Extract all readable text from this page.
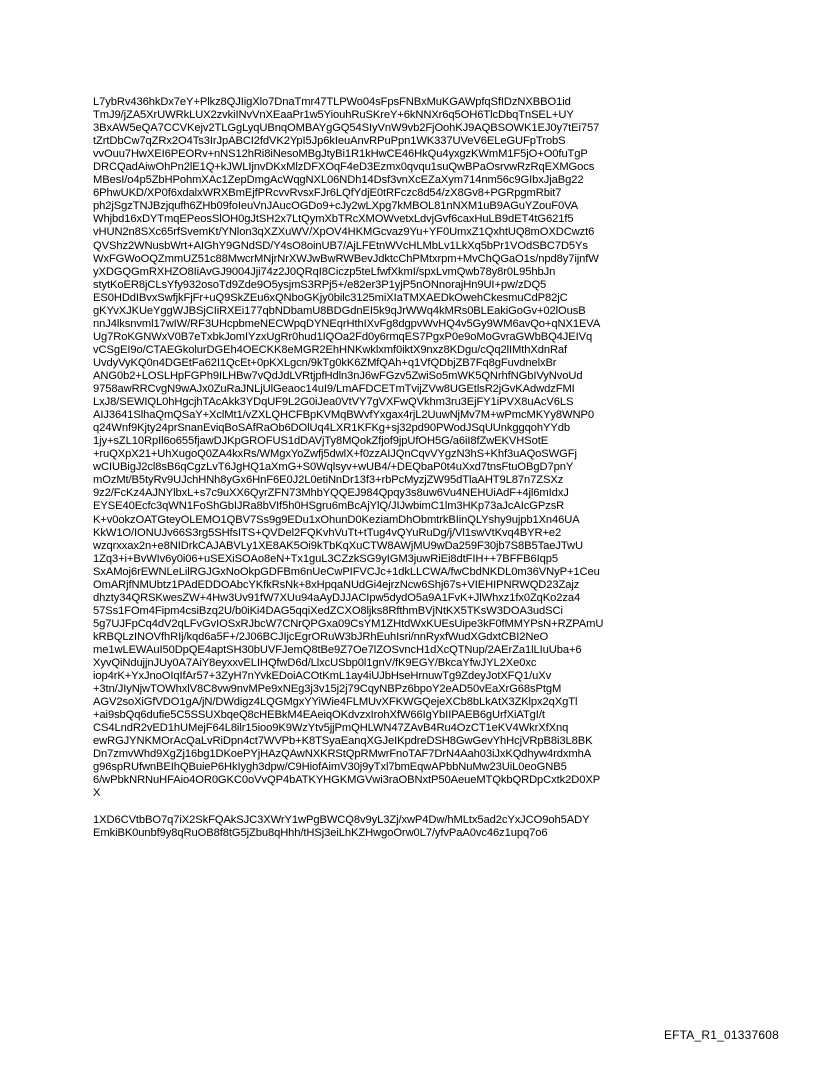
L7ybRv436hkDx7eY+Plkz8QJIigXlo7DnaTmr47TLPWo04sFpsFNBxMuKGAWpfqSfIDzNXBBO1id
TmJ9/jZA5XrUWRkLUX2zvkiINvVnXEaaPr1w5YiouhRuSKreY+6kNNXr6q5OH6TlcDbqTnSEL+UY
3BxAW5eQA7CCVKejv2TLGgLyqUBnqOMBAYgGQ54SIyVnW9vb2FjOohKJ9AQBSOWK1EJ0y7tEi757
tZrtDbCw7qZRx2O4Ts3IrJpABCI2fdVK2YpI5Jp6kIeuAnvRPuPpn1WK337UVeV6ELeGUFpTrobS
vvOuu7HwXEI6PEORv+nNS12hRi8iNesoMBgJtyBi1R1kHwCE46HkQu4yxgzKWmM1F5jO+O0fuTgP
DRCQadAiwOhPn2lE1Q+kJWLIjnvDKxMlzDFXOqF4eD3Ezmx0qvqu1suQwBPaOsrvwRzRqEXMGocs
MBesI/o4p5ZbHPohmXAc1ZepDmgAcWqgNXL06NDh14Dsf3vnXcEZaXym714nm56c9GIbxJjaBg22
6PhwUKD/XP0f6xdalxWRXBmEjfPRcvvRvsxFJr6LQfYdjE0tRFczc8d54/zX8Gv8+PGRpgmRbit7
ph2jSgzTNJBzjqufh6ZHb09foIeuVnJAucOGDo9+cJy2wLXpg7kMBOL81nNXM1uB9AGuYZouF0VA
Whjbd16xDYTmqEPeosSlOH0gJtSH2x7LtQymXbTRcXMOWvetxLdvjGvf6caxHuLB9dET4tG621f5
vHUN2n8SXc65rfSvemKt/YNlon3qXZXuWV/XpOV4HKMGcvaz9Yu+YF0UmxZ1QxhtUQ8mOXDCwzt6
QVShz2WNusbWrt+AIGhY9GNdSD/Y4sO8oinUB7/AjLFEtnWVcHLMbLv1LkXq5bPr1VOdSBC7D5Ys
WxFGWoOQZmmUZ51c88MwcrMNjrNrXWJwBwRWBevJdktcChPMtxrpm+MvChQGaO1s/npd8y7ijnfW
yXDGQGmRXHZO8IiAvGJ9004Jji74z2J0QRqI8Ciczp5teLfwfXkmI/spxLvmQwb78y8r0L95hbJn
stytKoER8jCLsYfy932osoTd9Zde9O5ysjmS3RPj5+/e82er3P1yjP5nONnorajHn9UI+pw/zDQ5
ES0HDdIBvxSwfjkFjFr+uQ9SkZEu6xQNboGKjy0bilc3125miXIaTMXAEDkOwehCkesmuCdP82jC
gKYvXJKUeYggWJBSjCIiRXEi177qbNDbamU8BDGdnEI5k9qJrWWq4kMRs0BLEakiGoGv+02lOusB
nnJ4lksnvml17wIW/RF3UHcpbmeNECWpqDYNEqrHthIXvFg8dgpvWvHQ4v5Gy9WM6avQo+qNX1EVA
Ug7RoKGNWxV0B7eTxbkJomIYzxUgRr0hud1IQOa2Fd0y6rmqES7PgxP0e9oMoGvraGWbBQ4JEIVq
vCSgEI9o/CTAEGkolurDGEh4OECKK8eMGR2EhHNKwklxmf0iktX9nxz8KDgu/cQq2lIMthXdnRaf
UvdyVyKQ0n4DGEtFa62I1QcEt+0pKXLgcn/9kTg0kK6ZMfQAh+q1VfQDbjZB7Fq8gFuvdnelxBr
ANG0b2+LOSLHpFGPh9ILHBw7vQdJdLVRtjpfHdln3nJ6wFGzv5ZwiSo5mWK5QNrhfNGbIVyNvoUd
9758awRRCvgN9wAJx0ZuRaJNLjUlGeaoc14uI9/LmAFDCETmTvijZVw8UGEtlsR2jGvKAdwdzFMI
LxJ8/SEWIQL0hHgcjhTAcAkk3YDqUF9L2G0iJea0VtVY7gVXFwQVkhm3ru3EjFY1iPVX8uAcV6LS
AIJ3641SlhaQmQSaY+XclMt1/vZXLQHCFBpKVMqBWvfYxgax4rjL2UuwNjMv7M+wPmcMKYy8WNP0
q24Wnf9Kjty24prSnanEviqBoSAfRaOb6DOlUq4LXR1KFKg+sj32pd90PWodJSqUUnkggqohYYdb
1jy+sZL10RpIl6o655fjawDJKpGROFUS1dDAVjTy8MQokZfjof9jpUfOH5G/a6iI8fZwEKVHSotE
+ruQXpX21+UhXugoQ0ZA4kxRs/WMgxYoZwfj5dwlX+f0zzAIJQnCqvVYgzN3hS+Khf3uAQoSWGFj
wCIUBigJ2cl8sB6qCgzLvT6JgHQ1aXmG+S0Wqlsyv+wUB4/+DEQbaP0t4uXxd7tnsFtuOBgD7pnY
mOzMt/B5tyRv9UJchHNh8yGx6HnF6E0J2L0etiNnDr13f3+rbPcMyzjZW95dTlaAHT9L87n7ZSXz
9z2/FcKz4AJNYlbxL+s7c9uXX6QyrZFN73MhbYQQEJ984Qpqy3s8uw6Vu4NEHUiAdF+4jl6mIdxJ
EYSE40Ecfc3qWN1FoShGbIJRa8bVIf5h0HSgru6mBcAjYlQ/JIJwbimC1lm3HKp73aJcAIcGPzsR
K+v0okzOATGteyOLEMO1QBV7Ss9g9EDu1xOhunD0KeziamDhObmtrkBIinQLYshy9ujpb1Xn46UA
KkW1O/IONUJv66S3rg5SHfsITS+QVDel2FQKvhVuTt+tTug4vQYuRuDg/j/Vl1swVtKvq4BYR+e2
wzqrxxax2n+e8NIDrkCAJABVLy1XE8AK5Oi9kTbKqXuCTW8AWjMU9wDa259F30jb7S8B5TaeJTwU
1Zq3+i+BvWIv6y0i06+uSEXiSOAo8eN+Tx1guL3CZzkSG9yIGM3juwRiEi8dtFIH++7BFFB6Iqp5
SxAMoj6rEWNLeLilRGJGxNoOkpGDFBm6nUeCwPIFVCJc+1dkLLCWA/fwCbdNKDL0m36VNyP+1Ceu
OmARjfNMUbtz1PAdEDDOAbcYKfkRsNk+8xHpqaNUdGi4ejrzNcw6Shj67s+VIEHIPNRWQD23Zajz
dhzty34QRSKwesZW+4Hw3Uv91fW7XUu94aAyDJJACIpw5dydO5a9A1FvK+JlWhxz1fx0ZqKo2za4
57Ss1FOm4Fipm4csiBzq2U/b0iKi4DAG5qqiXedZCXO8ljks8RfthmBVjNtKX5TKsW3DOA3udSCi
5g7UJFpCq4dV2qLFvGvIOSxRJbcW7CNrQPGxa09CsYM1ZHtdWxKUEsUipe3kF0fMMYPsN+RZPAmU
kRBQLzINOVfhRIj/kqd6a5F+/2J06BCJIjcEgrORuW3bJRhEuhIsri/nnRyxfWudXGdxtCBI2NeO
me1wLEWAuI50DpQE4aptSH30bUVFJemQ8tBe9Z7Oe7lZOSvncH1dXcQTNup/2AErZa1lLIuUba+6
XyvQiNdujjnJUy0A7AiY8eyxxvELIHQfwD6d/LlxcUSbp0l1gnV/fK9EGY/BkcaYfwJYL2Xe0xc
iop4rK+YxJnoOIqIfAr57+3ZyH7nYvkEDoiACOtKmL1ay4iUJbHseHrnuwTg9ZdeyJotXFQ1/uXv
+3tn/JIyNjwTOWhxlV8C8vw9nvMPe9xNEg3j3v15j2j79CqyNBPz6bpoY2eAD50vEaXrG68sPtgM
AGV2soXiGfVDO1gA/jN/DWdigz4LQGMgxYYiWie4FLMUvXFKWGQejeXCb8bLkAtX3ZKlpx2qXgTl
+ai9sbQq6dufie5C5SSUXbqeQ8cHEBkM4EAeiqOKdvzxIrohXfW66IgYbIIPAEB6gUrfXiATgI/t
CS4LndR2vED1hUMejF64L8ilr15ioo9K9WzYtv5jjPmQHLWN47ZAvB4Ru4OzCT1eKV4WkrXfXnq
ewRGJYNKMOrAcQaLvRiDpn4ct7WVPb+K8TSyaEanqXGJeIKpdreDSH8GwGevYhHcjVRpB8i3L8BK
Dn7zmvWhd9XgZj16bg1DKoePYjHAzQAwNXKRStQpRMwrFnoTAF7DrN4Aah03iJxKQdhyw4rdxmhA
g96spRUfwnBEIhQBuieP6HkIygh3dpw/C9HiofAimV30j9yTxl7bmEqwAPbbNuMw23UiL0eoGNB5
6/wPbkNRNuHFAio4OR0GKC0oVvQP4bATKYHGKMGVwi3raOBNxtP50AeueMTQkbQRDpCxtk2D0XP
X
1XD6CVtbBO7q7iX2SkFQAkSJC3XWrY1wPgBWCQ8v9yL3Zj/xwP4Dw/hMLtx5ad2cYxJCO9oh5ADY
EmkiBK0unbf9y8qRuOB8f8tG5jZbu8qHhh/tHSj3eiLhKZHwgoOrw0L7/yfvPaA0vc46z1upq7o6
EFTA_R1_01337608
